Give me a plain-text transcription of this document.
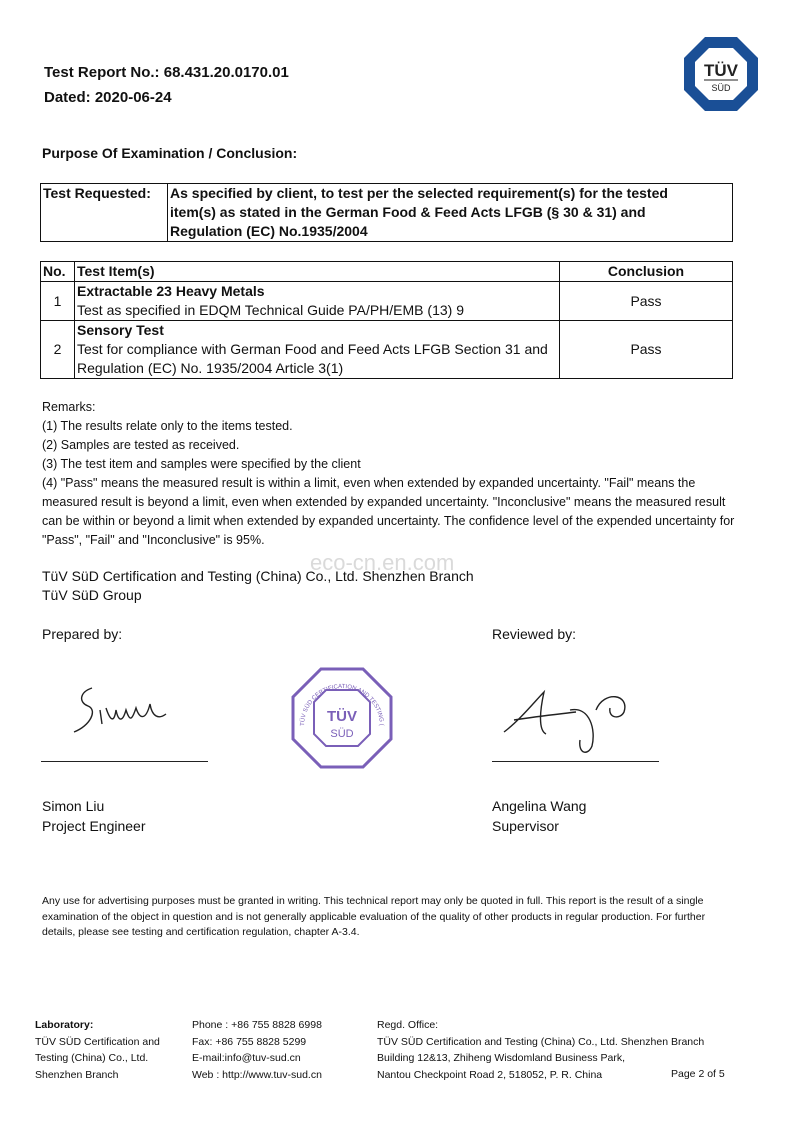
Test Report No.: 68.431.20.0170.01
Dated: 2020-06-24
TÜV
SÜD
Purpose Of Examination / Conclusion:
Test Requested:	As specified by client, to test per the selected requirement(s) for the tested item(s) as stated in the German Food & Feed Acts LFGB (§ 30 & 31) and Regulation (EC) No.1935/2004
No.	Test Item(s)	Conclusion
1	Extractable 23 Heavy Metals
Test as specified in EDQM Technical Guide PA/PH/EMB (13) 9	Pass
2	Sensory Test
Test for compliance with German Food and Feed Acts LFGB Section 31 and Regulation (EC) No. 1935/2004 Article 3(1)	Pass
Remarks:
(1) The results relate only to the items tested.
(2) Samples are tested as received.
(3) The test item and samples were specified by the client
(4) "Pass" means the measured result is within a limit, even when extended by expanded uncertainty. "Fail" means the measured result is beyond a limit, even when extended by expanded uncertainty. "Inconclusive" means the measured result can be within or beyond a limit when extended by expanded uncertainty. The confidence level of the expended uncertainty for "Pass", "Fail" and "Inconclusive" is 95%.
eco-cn.en.com
TüV SüD Certification and Testing (China) Co., Ltd. Shenzhen Branch
TüV SüD Group
Prepared by:	Reviewed by:
TÜV
SÜD
TÜV SÜD CERTIFICATION AND TESTING (
Simon Liu
Project Engineer
Angelina Wang
Supervisor
Any use for advertising purposes must be granted in writing. This technical report may only be quoted in full. This report is the result of a single examination of the object in question and is not generally applicable evaluation of the quality of other products in regular production. For further details, please see testing and certification regulation, chapter A-3.4.
Laboratory:
TÜV SÜD Certification and
Testing (China) Co., Ltd.
Shenzhen Branch
Phone : +86 755 8828 6998
Fax: +86 755 8828 5299
E-mail:info@tuv-sud.cn
Web : http://www.tuv-sud.cn
Regd. Office:
TÜV SÜD Certification and Testing (China) Co., Ltd. Shenzhen Branch
Building 12&13, Zhiheng Wisdomland Business Park,
Nantou Checkpoint Road 2, 518052, P. R. China	Page 2 of 5
